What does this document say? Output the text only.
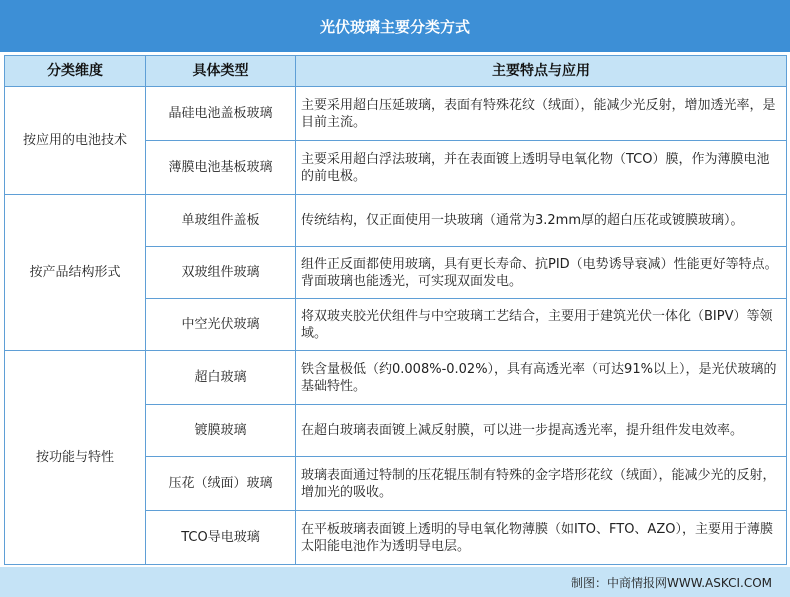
光伏玻璃主要分类方式
分类维度	具体类型	主要特点与应用
按应用的电池技术	晶硅电池盖板玻璃	主要采用超白压延玻璃，表面有特殊花纹（绒面），能减少光反射，增加透光率，是目前主流。
	薄膜电池基板玻璃	主要采用超白浮法玻璃，并在表面镀上透明导电氧化物（TCO）膜，作为薄膜电池的前电极。
按产品结构形式	单玻组件盖板	传统结构，仅正面使用一块玻璃（通常为3.2mm厚的超白压花或镀膜玻璃）。
	双玻组件玻璃	组件正反面都使用玻璃，具有更长寿命、抗PID（电势诱导衰减）性能更好等特点。背面玻璃也能透光，可实现双面发电。
	中空光伏玻璃	将双玻夹胶光伏组件与中空玻璃工艺结合，主要用于建筑光伏一体化（BIPV）等领域。
按功能与特性	超白玻璃	铁含量极低（约0.008%-0.02%），具有高透光率（可达91%以上），是光伏玻璃的基础特性。
	镀膜玻璃	在超白玻璃表面镀上减反射膜，可以进一步提高透光率，提升组件发电效率。
	压花（绒面）玻璃	玻璃表面通过特制的压花辊压制有特殊的金字塔形花纹（绒面），能减少光的反射，增加光的吸收。
	TCO导电玻璃	在平板玻璃表面镀上透明的导电氧化物薄膜（如ITO、FTO、AZO），主要用于薄膜太阳能电池作为透明导电层。
制图：中商情报网WWW.ASKCI.COM
